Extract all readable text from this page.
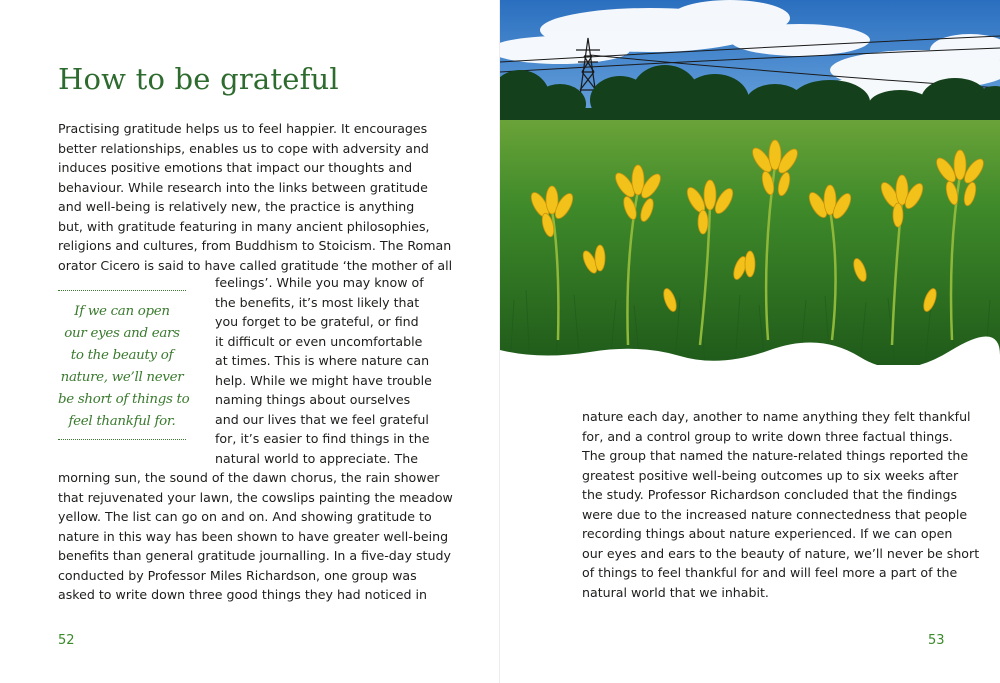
How to be grateful
Practising gratitude helps us to feel happier. It encourages
better relationships, enables us to cope with adversity and
induces positive emotions that impact our thoughts and
behaviour. While research into the links between gratitude
and well-being is relatively new, the practice is anything
but, with gratitude featuring in many ancient philosophies,
religions and cultures, from Buddhism to Stoicism. The Roman
orator Cicero is said to have called gratitude ‘the mother of all
feelings’. While you may know of
the benefits, it’s most likely that
you forget to be grateful, or find
it difficult or even uncomfortable
at times. This is where nature can
help. While we might have trouble
naming things about ourselves
and our lives that we feel grateful
for, it’s easier to find things in the
natural world to appreciate. The
morning sun, the sound of the dawn chorus, the rain shower
that rejuvenated your lawn, the cowslips painting the meadow
yellow. The list can go on and on. And showing gratitude to
nature in this way has been shown to have greater well-being
benefits than general gratitude journalling. In a five-day study
conducted by Professor Miles Richardson, one group was
asked to write down three good things they had noticed in
If we can open
our eyes and ears
to the beauty of
nature, we’ll never
be short of things to
feel thankful for.
52
nature each day, another to name anything they felt thankful
for, and a control group to write down three factual things.
The group that named the nature-related things reported the
greatest positive well-being outcomes up to six weeks after
the study. Professor Richardson concluded that the findings
were due to the increased nature connectedness that people
recording things about nature experienced. If we can open
our eyes and ears to the beauty of nature, we’ll never be short
of things to feel thankful for and will feel more a part of the
natural world that we inhabit.
53
